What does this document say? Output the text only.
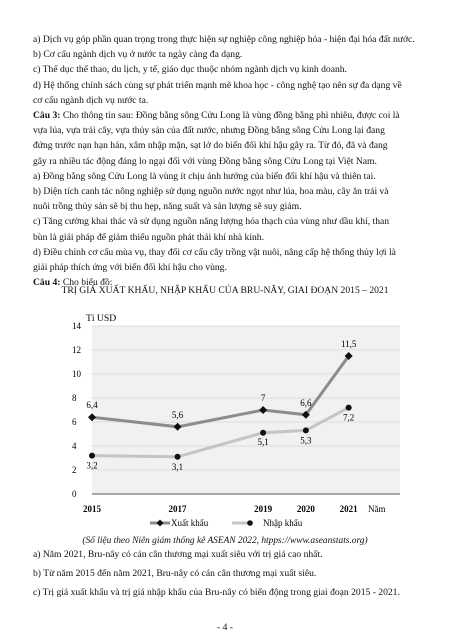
a) Dịch vụ góp phần quan trọng trong thực hiện sự nghiệp công nghiệp hóa - hiện đại hóa đất nước.
b) Cơ cấu ngành dịch vụ ở nước ta ngày càng đa dạng.
c) Thể dục thể thao, du lịch, y tế, giáo dục thuộc nhóm ngành dịch vụ kinh doanh.
d) Hệ thống chính sách cùng sự phát triển mạnh mẽ khoa học - công nghệ tạo nên sự đa dạng về
cơ cấu ngành dịch vụ nước ta.
Câu 3: Cho thông tin sau: Đồng bằng sông Cửu Long là vùng đồng bằng phì nhiêu, được coi là
vựa lúa, vựa trái cây, vựa thủy sản của đất nước, nhưng Đồng bằng sông Cửu Long lại đang
đứng trước nạn hạn hán, xâm nhập mặn, sạt lở do biến đổi khí hậu gây ra. Từ đó, đã và đang
gây ra nhiều tác động đáng lo ngại đối với vùng Đồng bằng sông Cửu Long tại Việt Nam.
a) Đồng bằng sông Cửu Long là vùng ít chịu ảnh hưởng của biến đổi khí hậu và thiên tai.
b) Diện tích canh tác nông nghiệp sử dụng nguồn nước ngọt như lúa, hoa màu, cây ăn trái và
nuôi trồng thủy sản sẽ bị thu hẹp, năng suất và sản lượng sẽ suy giảm.
c) Tăng cường khai thác và sử dụng nguồn năng lượng hóa thạch của vùng như dầu khí, than
bùn là giải pháp để giảm thiểu nguồn phát thải khí nhà kính.
d) Điều chỉnh cơ cấu mùa vụ, thay đổi cơ cấu cây trồng vật nuôi, nâng cấp hệ thống thủy lợi là
giải pháp thích ứng với biến đổi khí hậu cho vùng.
Câu 4: Cho biểu đồ:
TRỊ GIÁ XUẤT KHẨU, NHẬP KHẨU CỦA BRU-NÂY, GIAI ĐOẠN 2015 – 2021
0
2
4
6
8
10
12
14
Tỉ USD
2015	2017	2019	2020	2021 Năm
6,4
5,6
7	6,6
11,5
3,2	3,1
5,1	5,3
7,2
Xuất khẩu	Nhập khẩu
(Số liệu theo Niên giám thống kê ASEAN 2022, htpps://www.aseanstats.org)
a) Năm 2021, Bru-nây có cán cân thương mại xuất siêu với trị giá cao nhất.
b) Từ năm 2015 đến năm 2021, Bru-nây có cán cân thương mại xuất siêu.
c) Trị giá xuất khẩu và trị giá nhập khẩu của Bru-nây có biến động trong giai đoạn 2015 - 2021.
- 4 -
